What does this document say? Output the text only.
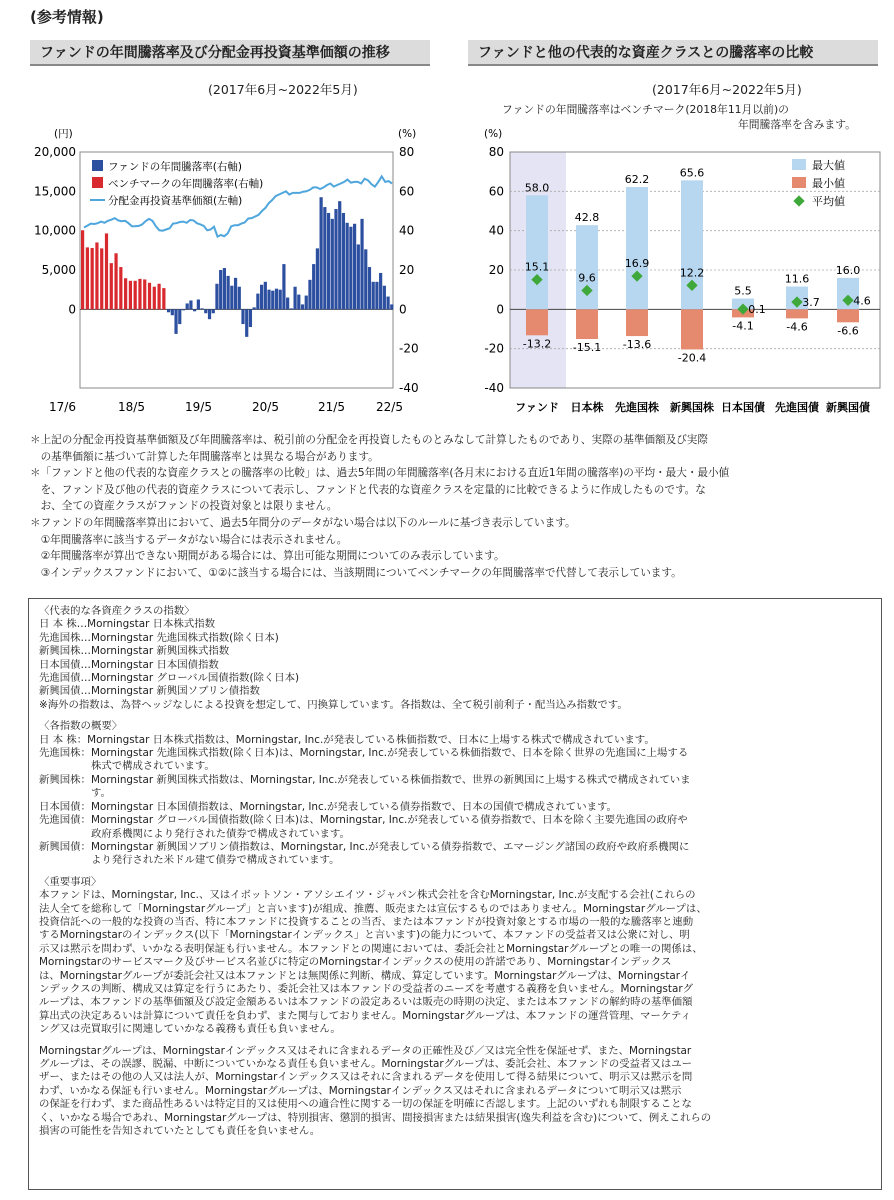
(参考情報)
ファンドの年間騰落率及び分配金再投資基準価額の推移
(2017年6月~2022年5月)
(円)	(%)
20,000
15,000
10,000
5,000
0
80
60
40
20
0
-20
-40
17/6	18/5	19/5	20/5	21/5	22/5
ファンドの年間騰落率(右軸)
ベンチマークの年間騰落率(右軸)
分配金再投資基準価額(左軸)
ファンドと他の代表的な資産クラスとの騰落率の比較
(2017年6月~2022年5月)
ファンドの年間騰落率はベンチマーク(2018年11月以前)の
年間騰落率を含みます。
(%)
80
60
40
20
0
-20
-40
58.0
-13.2
15.1
ファンド
42.8
-15.1
9.6
日本株
62.2
-13.6
16.9
先進国株
65.6
-20.4
12.2
新興国株
5.5
-4.1
0.1
日本国債
11.6
-4.6
3.7
先進国債
16.0
-6.6
4.6
新興国債
最大値
最小値
平均値

＊上記の分配金再投資基準価額及び年間騰落率は、税引前の分配金を再投資したものとみなして計算したものであり、実際の基準価額及び実際

　の基準価額に基づいて計算した年間騰落率とは異なる場合があります。

＊「ファンドと他の代表的な資産クラスとの騰落率の比較」は、過去5年間の年間騰落率(各月末における直近1年間の騰落率)の平均・最大・最小値

　を、ファンド及び他の代表的資産クラスについて表示し、ファンドと代表的な資産クラスを定量的に比較できるように作成したものです。な

　お、全ての資産クラスがファンドの投資対象とは限りません。

＊ファンドの年間騰落率算出において、過去5年間分のデータがない場合は以下のルールに基づき表示しています。

　①年間騰落率に該当するデータがない場合には表示されません。

　②年間騰落率が算出できない期間がある場合には、算出可能な期間についてのみ表示しています。

　③インデックスファンドにおいて、①②に該当する場合には、当該期間についてベンチマークの年間騰落率で代替して表示しています。

〈代表的な各資産クラスの指数〉

日 本 株…Morningstar 日本株式指数

先進国株…Morningstar 先進国株式指数(除く日本)

新興国株…Morningstar 新興国株式指数

日本国債…Morningstar 日本国債指数

先進国債…Morningstar グローバル国債指数(除く日本)

新興国債…Morningstar 新興国ソブリン債指数

※海外の指数は、為替ヘッジなしによる投資を想定して、円換算しています。各指数は、全て税引前利子・配当込み指数です。

〈各指数の概要〉

日 本 株：Morningstar 日本株式指数は、Morningstar, Inc.が発表している株価指数で、日本に上場する株式で構成されています。

先進国株：Morningstar 先進国株式指数(除く日本)は、Morningstar, Inc.が発表している株価指数で、日本を除く世界の先進国に上場する

　　　　　株式で構成されています。

新興国株：Morningstar 新興国株式指数は、Morningstar, Inc.が発表している株価指数で、世界の新興国に上場する株式で構成されていま

　　　　　す。

日本国債：Morningstar 日本国債指数は、Morningstar, Inc.が発表している債券指数で、日本の国債で構成されています。

先進国債：Morningstar グローバル国債指数(除く日本)は、Morningstar, Inc.が発表している債券指数で、日本を除く主要先進国の政府や

　　　　　政府系機関により発行された債券で構成されています。

新興国債：Morningstar 新興国ソブリン債指数は、Morningstar, Inc.が発表している債券指数で、エマージング諸国の政府や政府系機関に

　　　　　より発行された米ドル建て債券で構成されています。

〈重要事項〉

本ファンドは、Morningstar, Inc.、又はイボットソン・アソシエイツ・ジャパン株式会社を含むMorningstar, Inc.が支配する会社(これらの

法人全てを総称して「Morningstarグループ」と言います)が組成、推薦、販売または宣伝するものではありません。Morningstarグループは、

投資信託への一般的な投資の当否、特に本ファンドに投資することの当否、または本ファンドが投資対象とする市場の一般的な騰落率と連動

するMorningstarのインデックス(以下「Morningstarインデックス」と言います)の能力について、本ファンドの受益者又は公衆に対し、明

示又は黙示を問わず、いかなる表明保証も行いません。本ファンドとの関連においては、委託会社とMorningstarグループとの唯一の関係は、

Morningstarのサービスマーク及びサービス名並びに特定のMorningstarインデックスの使用の許諾であり、Morningstarインデックス

は、Morningstarグループが委託会社又は本ファンドとは無関係に判断、構成、算定しています。Morningstarグループは、Morningstarイ

ンデックスの判断、構成又は算定を行うにあたり、委託会社又は本ファンドの受益者のニーズを考慮する義務を負いません。Morningstarグ

ループは、本ファンドの基準価額及び設定金額あるいは本ファンドの設定あるいは販売の時期の決定、または本ファンドの解約時の基準価額

算出式の決定あるいは計算について責任を負わず、また関与しておりません。Morningstarグループは、本ファンドの運営管理、マーケティ

ング又は売買取引に関連していかなる義務も責任も負いません。

Morningstarグループは、Morningstarインデックス又はそれに含まれるデータの正確性及び／又は完全性を保証せず、また、Morningstar

グループは、その誤謬、脱漏、中断についていかなる責任も負いません。Morningstarグループは、委託会社、本ファンドの受益者又はユー

ザー、またはその他の人又は法人が、Morningstarインデックス又はそれに含まれるデータを使用して得る結果について、明示又は黙示を問

わず、いかなる保証も行いません。Morningstarグループは、Morningstarインデックス又はそれに含まれるデータについて明示又は黙示

の保証を行わず、また商品性あるいは特定目的又は使用への適合性に関する一切の保証を明確に否認します。上記のいずれも制限することな

く、いかなる場合であれ、Morningstarグループは、特別損害、懲罰的損害、間接損害または結果損害(逸失利益を含む)について、例えこれらの

損害の可能性を告知されていたとしても責任を負いません。
